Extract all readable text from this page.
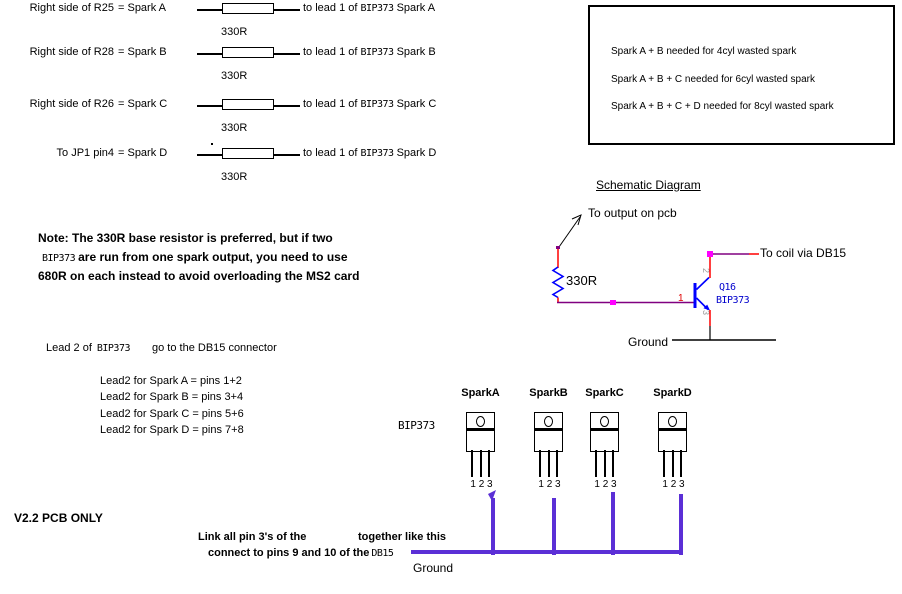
Right side of R25 = Spark A	to lead 1 of BIP373 Spark A
330R
Right side of R28 = Spark B	to lead 1 of BIP373 Spark B
330R
Right side of R26 = Spark C	to lead 1 of BIP373 Spark C
330R
To JP1 pin4 = Spark D	to lead 1 of BIP373 Spark D
330R
Spark A + B needed for 4cyl wasted spark
Spark A + B + C needed for 6cyl wasted spark
Spark A + B + C + D needed for 8cyl wasted spark
Note: The 330R base resistor is preferred, but if two
BIP373 are run from one spark output, you need to use
680R on each instead to avoid overloading the MS2 card
Schematic Diagram
To output on pcb
330R
To coil via DB15
Ground
1
2
3
Q16
BIP373
Lead 2 of BIP373 go to the DB15 connector
Lead2 for Spark A = pins 1+2
Lead2 for Spark B = pins 3+4
Lead2 for Spark C = pins 5+6
Lead2 for Spark D = pins 7+8	BIP373
SparkA
1 2 3
SparkB
1 2 3
SparkC
1 2 3
SparkD
1 2 3
V2.2 PCB ONLY
Link all pin 3's of the	together like this
connect to pins 9 and 10 of the DB15
Ground
